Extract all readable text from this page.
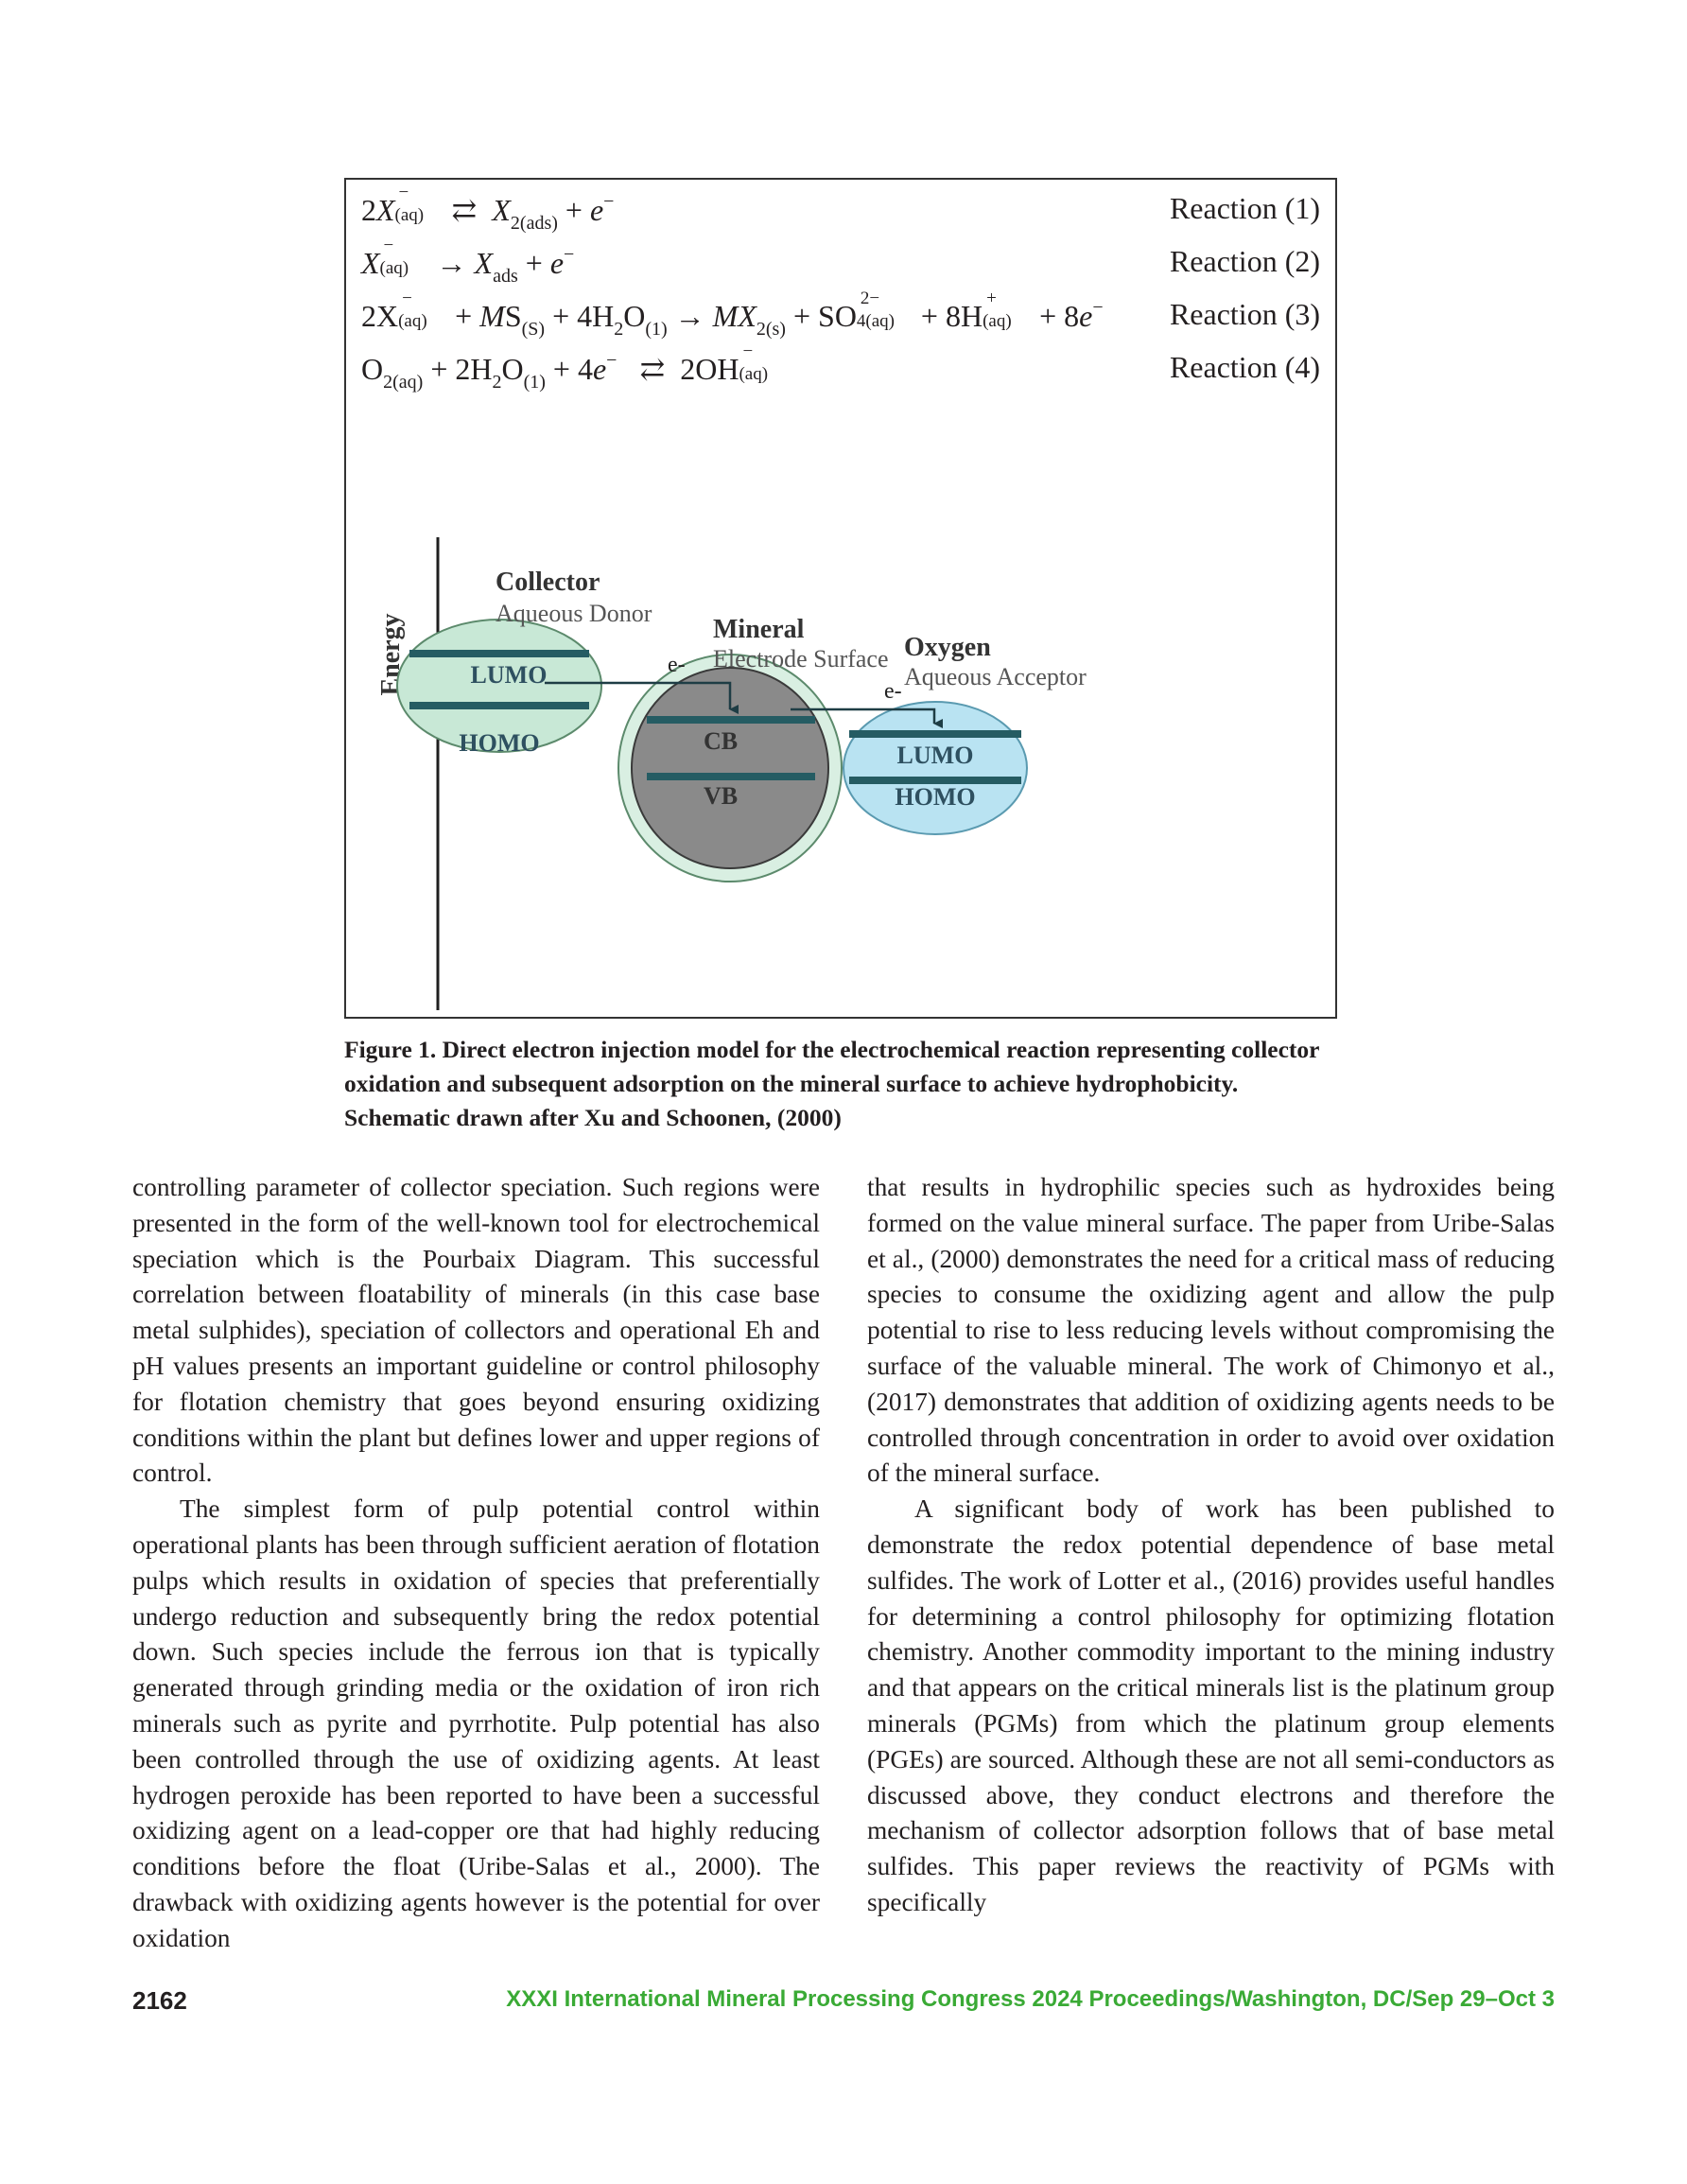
2X
−
(aq) ⇄  $X_{2(ads)} + e^-$	Reaction (1)
X
−
$(aq) \to X_{ads} + e^-$	Reaction (2)
2X
−
$(aq) + MS_{(S)} + 4H_2O_{(1)} \to MX_{2(s)}$ + SO
2−
4(aq) + 8H
+
(aq) + 8e− Reaction (3)
$O_{2(aq)} + 2H_2O_{(1)} + 4e^-$   ⇄  2OH
−
(aq)	Reaction (4)
Energy	LUMO
HOMO
Collector
Aqueous Donor
CB
VB
Mineral
Electrode Surface
LUMO
HOMO
Oxygen
Aqueous Acceptor
e-
e-
Figure 1. Direct electron injection model for the electrochemical reaction representing collector oxidation and subsequent adsorption on the mineral surface to achieve hydrophobicity. Schematic drawn after Xu and Schoonen, (2000)

controlling parameter of collector speciation. Such regions were presented in the form of the well-known tool for electrochemical speciation which is the Pourbaix Diagram. This successful correlation between floatability of minerals (in this case base metal sulphides), speciation of collectors and operational Eh and pH values presents an important guideline or control philosophy for flotation chemistry that goes beyond ensuring oxidizing conditions within the plant but defines lower and upper regions of control.

The simplest form of pulp potential control within operational plants has been through sufficient aeration of flotation pulps which results in oxidation of species that preferentially undergo reduction and subsequently bring the redox potential down. Such species include the ferrous ion that is typically generated through grinding media or the oxidation of iron rich minerals such as pyrite and pyrrhotite. Pulp potential has also been controlled through the use of oxidizing agents. At least hydrogen peroxide has been reported to have been a successful oxidizing agent on a lead-copper ore that had highly reducing conditions before the float (Uribe-Salas et al., 2000). The drawback with oxidizing agents however is the potential for over oxidation

that results in hydrophilic species such as hydroxides being formed on the value mineral surface. The paper from Uribe-Salas et al., (2000) demonstrates the need for a critical mass of reducing species to consume the oxidizing agent and allow the pulp potential to rise to less reducing levels without compromising the surface of the valuable mineral. The work of Chimonyo et al., (2017) demonstrates that addition of oxidizing agents needs to be controlled through concentration in order to avoid over oxidation of the mineral surface.

A significant body of work has been published to demonstrate the redox potential dependence of base metal sulfides. The work of Lotter et al., (2016) provides useful handles for determining a control philosophy for optimizing flotation chemistry. Another commodity important to the mining industry and that appears on the critical minerals list is the platinum group minerals (PGMs) from which the platinum group elements (PGEs) are sourced. Although these are not all semi-conductors as discussed above, they conduct electrons and therefore the mechanism of collector adsorption follows that of base metal sulfides. This paper reviews the reactivity of PGMs with specifically

2162	XXXI International Mineral Processing Congress 2024 Proceedings/Washington, DC/Sep 29–Oct 3
